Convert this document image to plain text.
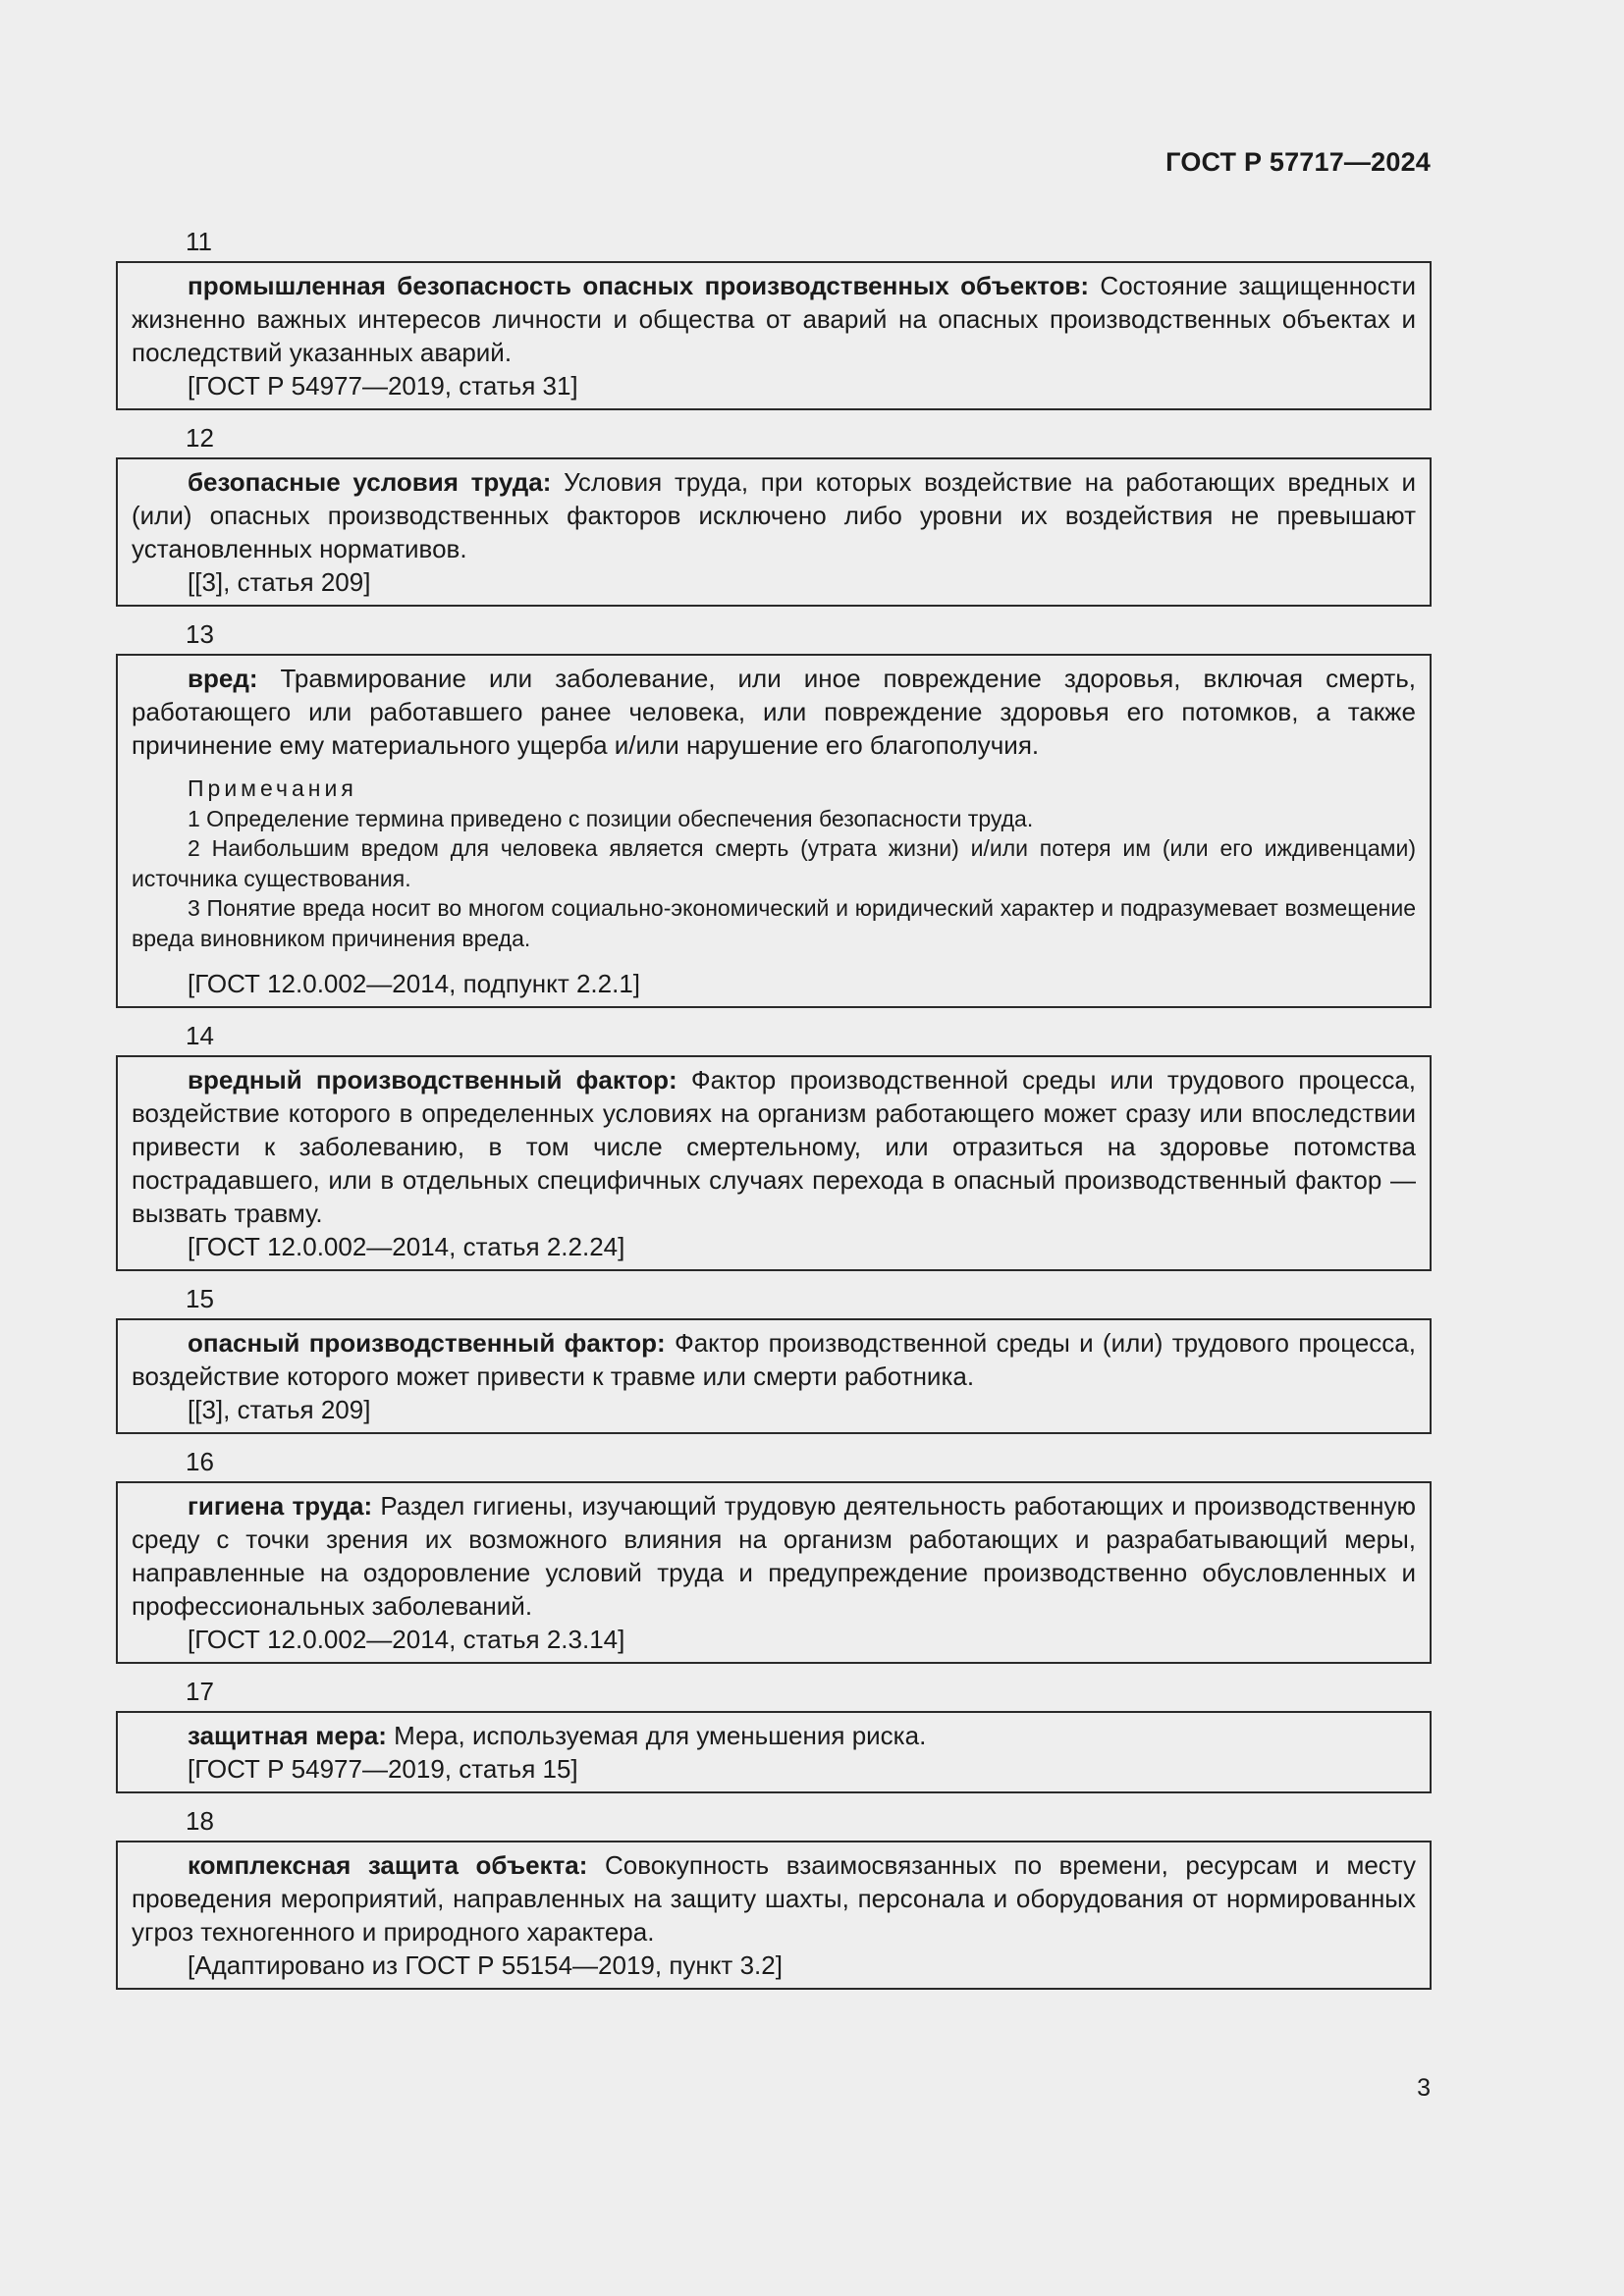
ГОСТ Р 57717—2024
11

промышленная безопасность опасных производственных объектов: Состояние защищенности жизненно важных интересов личности и общества от аварий на опасных производственных объектах и последствий указанных аварий.

[ГОСТ Р 54977—2019, статья 31]

12

безопасные условия труда: Условия труда, при которых воздействие на работающих вредных и (или) опасных производственных факторов исключено либо уровни их воздействия не превышают установленных нормативов.

[[3], статья 209]

13

вред: Травмирование или заболевание, или иное повреждение здоровья, включая смерть, работающего или работавшего ранее человека, или повреждение здоровья его потомков, а также причинение ему материального ущерба и/или нарушение его благополучия.

Примечания

1 Определение термина приведено с позиции обеспечения безопасности труда.

2 Наибольшим вредом для человека является смерть (утрата жизни) и/или потеря им (или его иждивенцами) источника существования.

3 Понятие вреда носит во многом социально-экономический и юридический характер и подразумевает возмещение вреда виновником причинения вреда.

[ГОСТ 12.0.002—2014, подпункт 2.2.1]

14

вредный производственный фактор: Фактор производственной среды или трудового процесса, воздействие которого в определенных условиях на организм работающего может сразу или впоследствии привести к заболеванию, в том числе смертельному, или отразиться на здоровье потомства пострадавшего, или в отдельных специфичных случаях перехода в опасный производственный фактор — вызвать травму.

[ГОСТ 12.0.002—2014, статья 2.2.24]

15

опасный производственный фактор: Фактор производственной среды и (или) трудового процесса, воздействие которого может привести к травме или смерти работника.

[[3], статья 209]

16

гигиена труда: Раздел гигиены, изучающий трудовую деятельность работающих и производственную среду с точки зрения их возможного влияния на организм работающих и разрабатывающий меры, направленные на оздоровление условий труда и предупреждение производственно обусловленных и профессиональных заболеваний.

[ГОСТ 12.0.002—2014, статья 2.3.14]

17

защитная мера: Мера, используемая для уменьшения риска.

[ГОСТ Р 54977—2019, статья 15]

18

комплексная защита объекта: Совокупность взаимосвязанных по времени, ресурсам и месту проведения мероприятий, направленных на защиту шахты, персонала и оборудования от нормированных угроз техногенного и природного характера.

[Адаптировано из ГОСТ Р 55154—2019, пункт 3.2]

3
